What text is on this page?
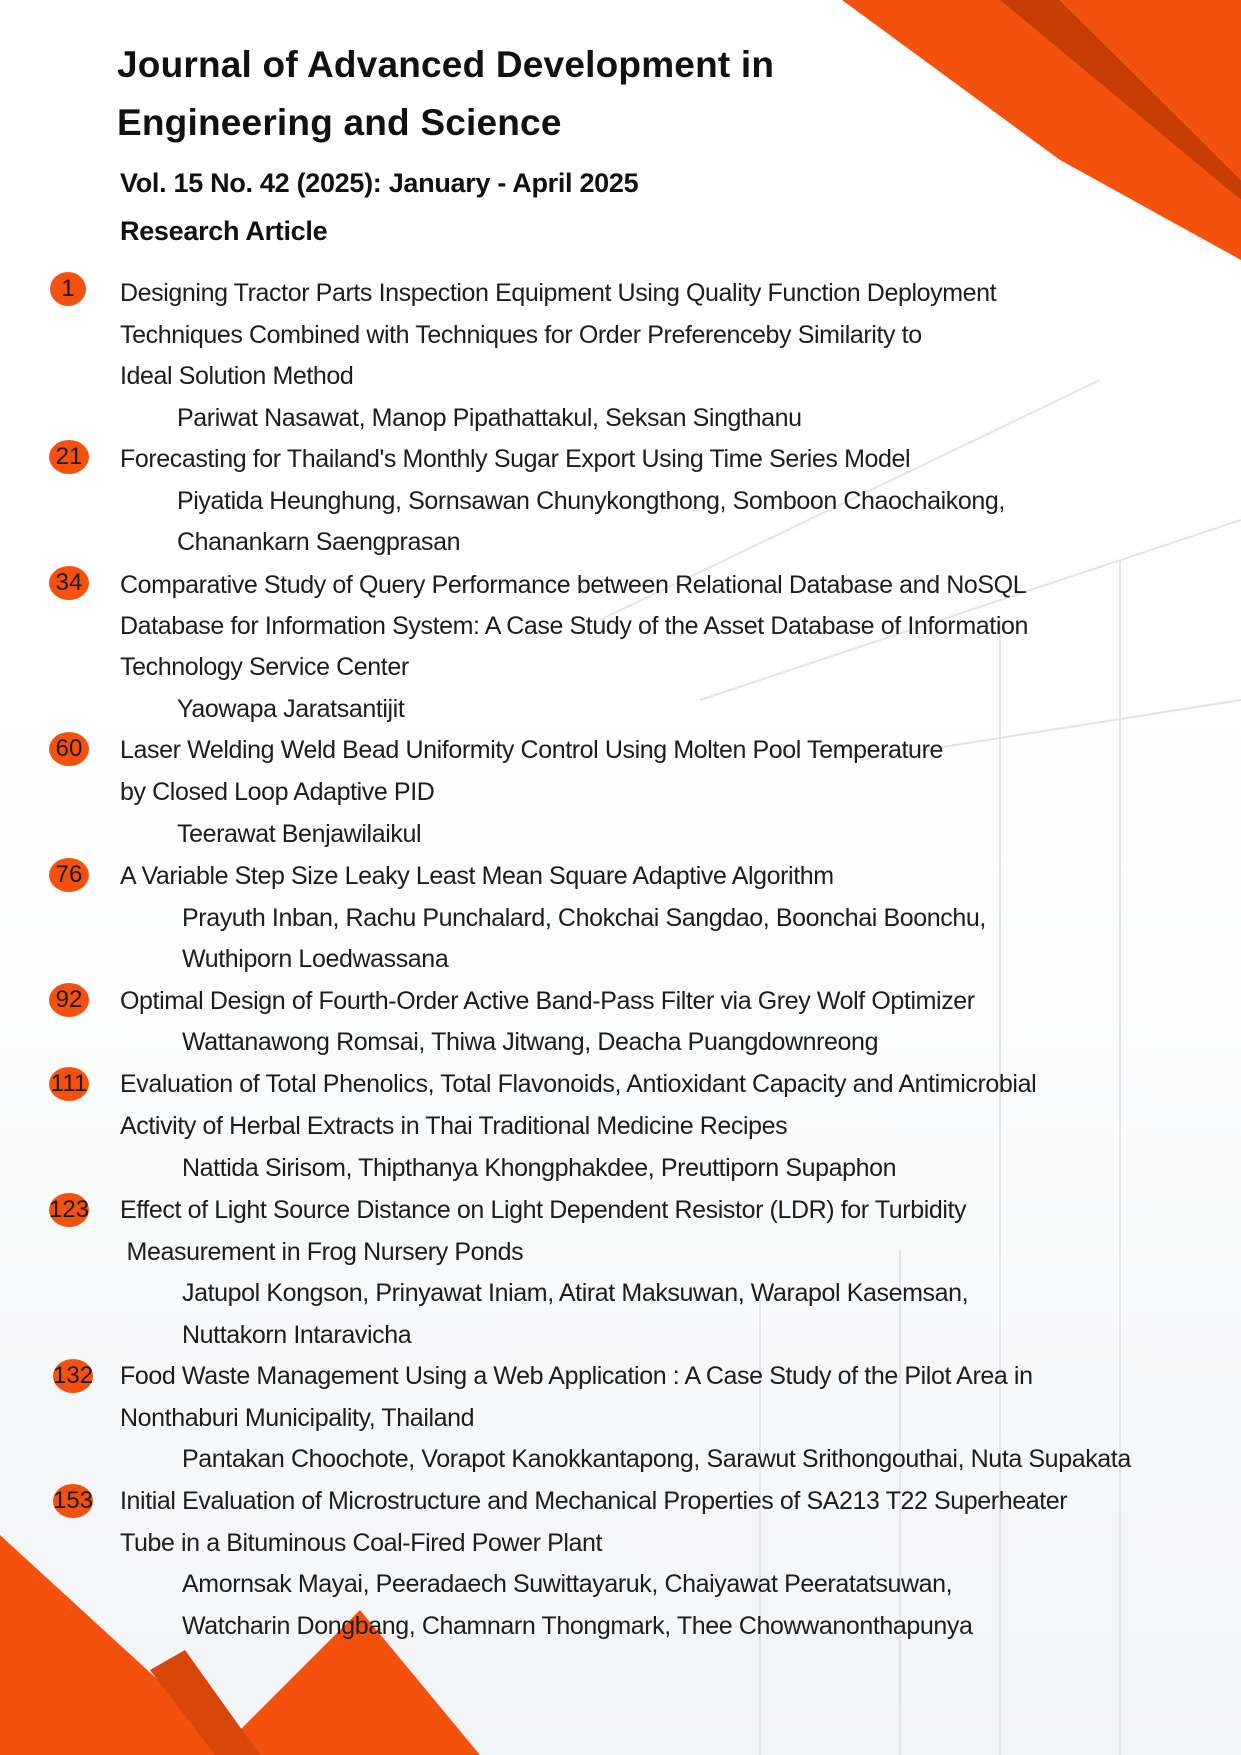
Journal of Advanced Development in

Engineering and Science

Vol. 15 No. 42 (2025): January - April 2025
Research Article
1	Designing Tractor Parts Inspection Equipment Using Quality Function Deployment
Techniques Combined with Techniques for Order Preferenceby Similarity to
Ideal Solution Method
Pariwat Nasawat, Manop Pipathattakul, Seksan Singthanu
21 Forecasting for Thailand's Monthly Sugar Export Using Time Series Model
Piyatida Heunghung, Sornsawan Chunykongthong, Somboon Chaochaikong,
Chanankarn Saengprasan
34 Comparative Study of Query Performance between Relational Database and NoSQL
Database for Information System: A Case Study of the Asset Database of Information
Technology Service Center
Yaowapa Jaratsantijit
60 Laser Welding Weld Bead Uniformity Control Using Molten Pool Temperature
by Closed Loop Adaptive PID
Teerawat Benjawilaikul
76 A Variable Step Size Leaky Least Mean Square Adaptive Algorithm
Prayuth Inban, Rachu Punchalard, Chokchai Sangdao, Boonchai Boonchu,
Wuthiporn Loedwassana
92 Optimal Design of Fourth-Order Active Band-Pass Filter via Grey Wolf Optimizer
Wattanawong Romsai, Thiwa Jitwang, Deacha Puangdownreong
111 Evaluation of Total Phenolics, Total Flavonoids, Antioxidant Capacity and Antimicrobial
Activity of Herbal Extracts in Thai Traditional Medicine Recipes
Nattida Sirisom, Thipthanya Khongphakdee, Preuttiporn Supaphon
123 Effect of Light Source Distance on Light Dependent Resistor (LDR) for Turbidity
Measurement in Frog Nursery Ponds
Jatupol Kongson, Prinyawat Iniam, Atirat Maksuwan, Warapol Kasemsan,
Nuttakorn Intaravicha
132 Food Waste Management Using a Web Application : A Case Study of the Pilot Area in
Nonthaburi Municipality, Thailand
Pantakan Choochote, Vorapot Kanokkantapong, Sarawut Srithongouthai, Nuta Supakata
153 Initial Evaluation of Microstructure and Mechanical Properties of SA213 T22 Superheater
Tube in a Bituminous Coal-Fired Power Plant
Amornsak Mayai, Peeradaech Suwittayaruk, Chaiyawat Peeratatsuwan,
Watcharin Dongbang, Chamnarn Thongmark, Thee Chowwanonthapunya
